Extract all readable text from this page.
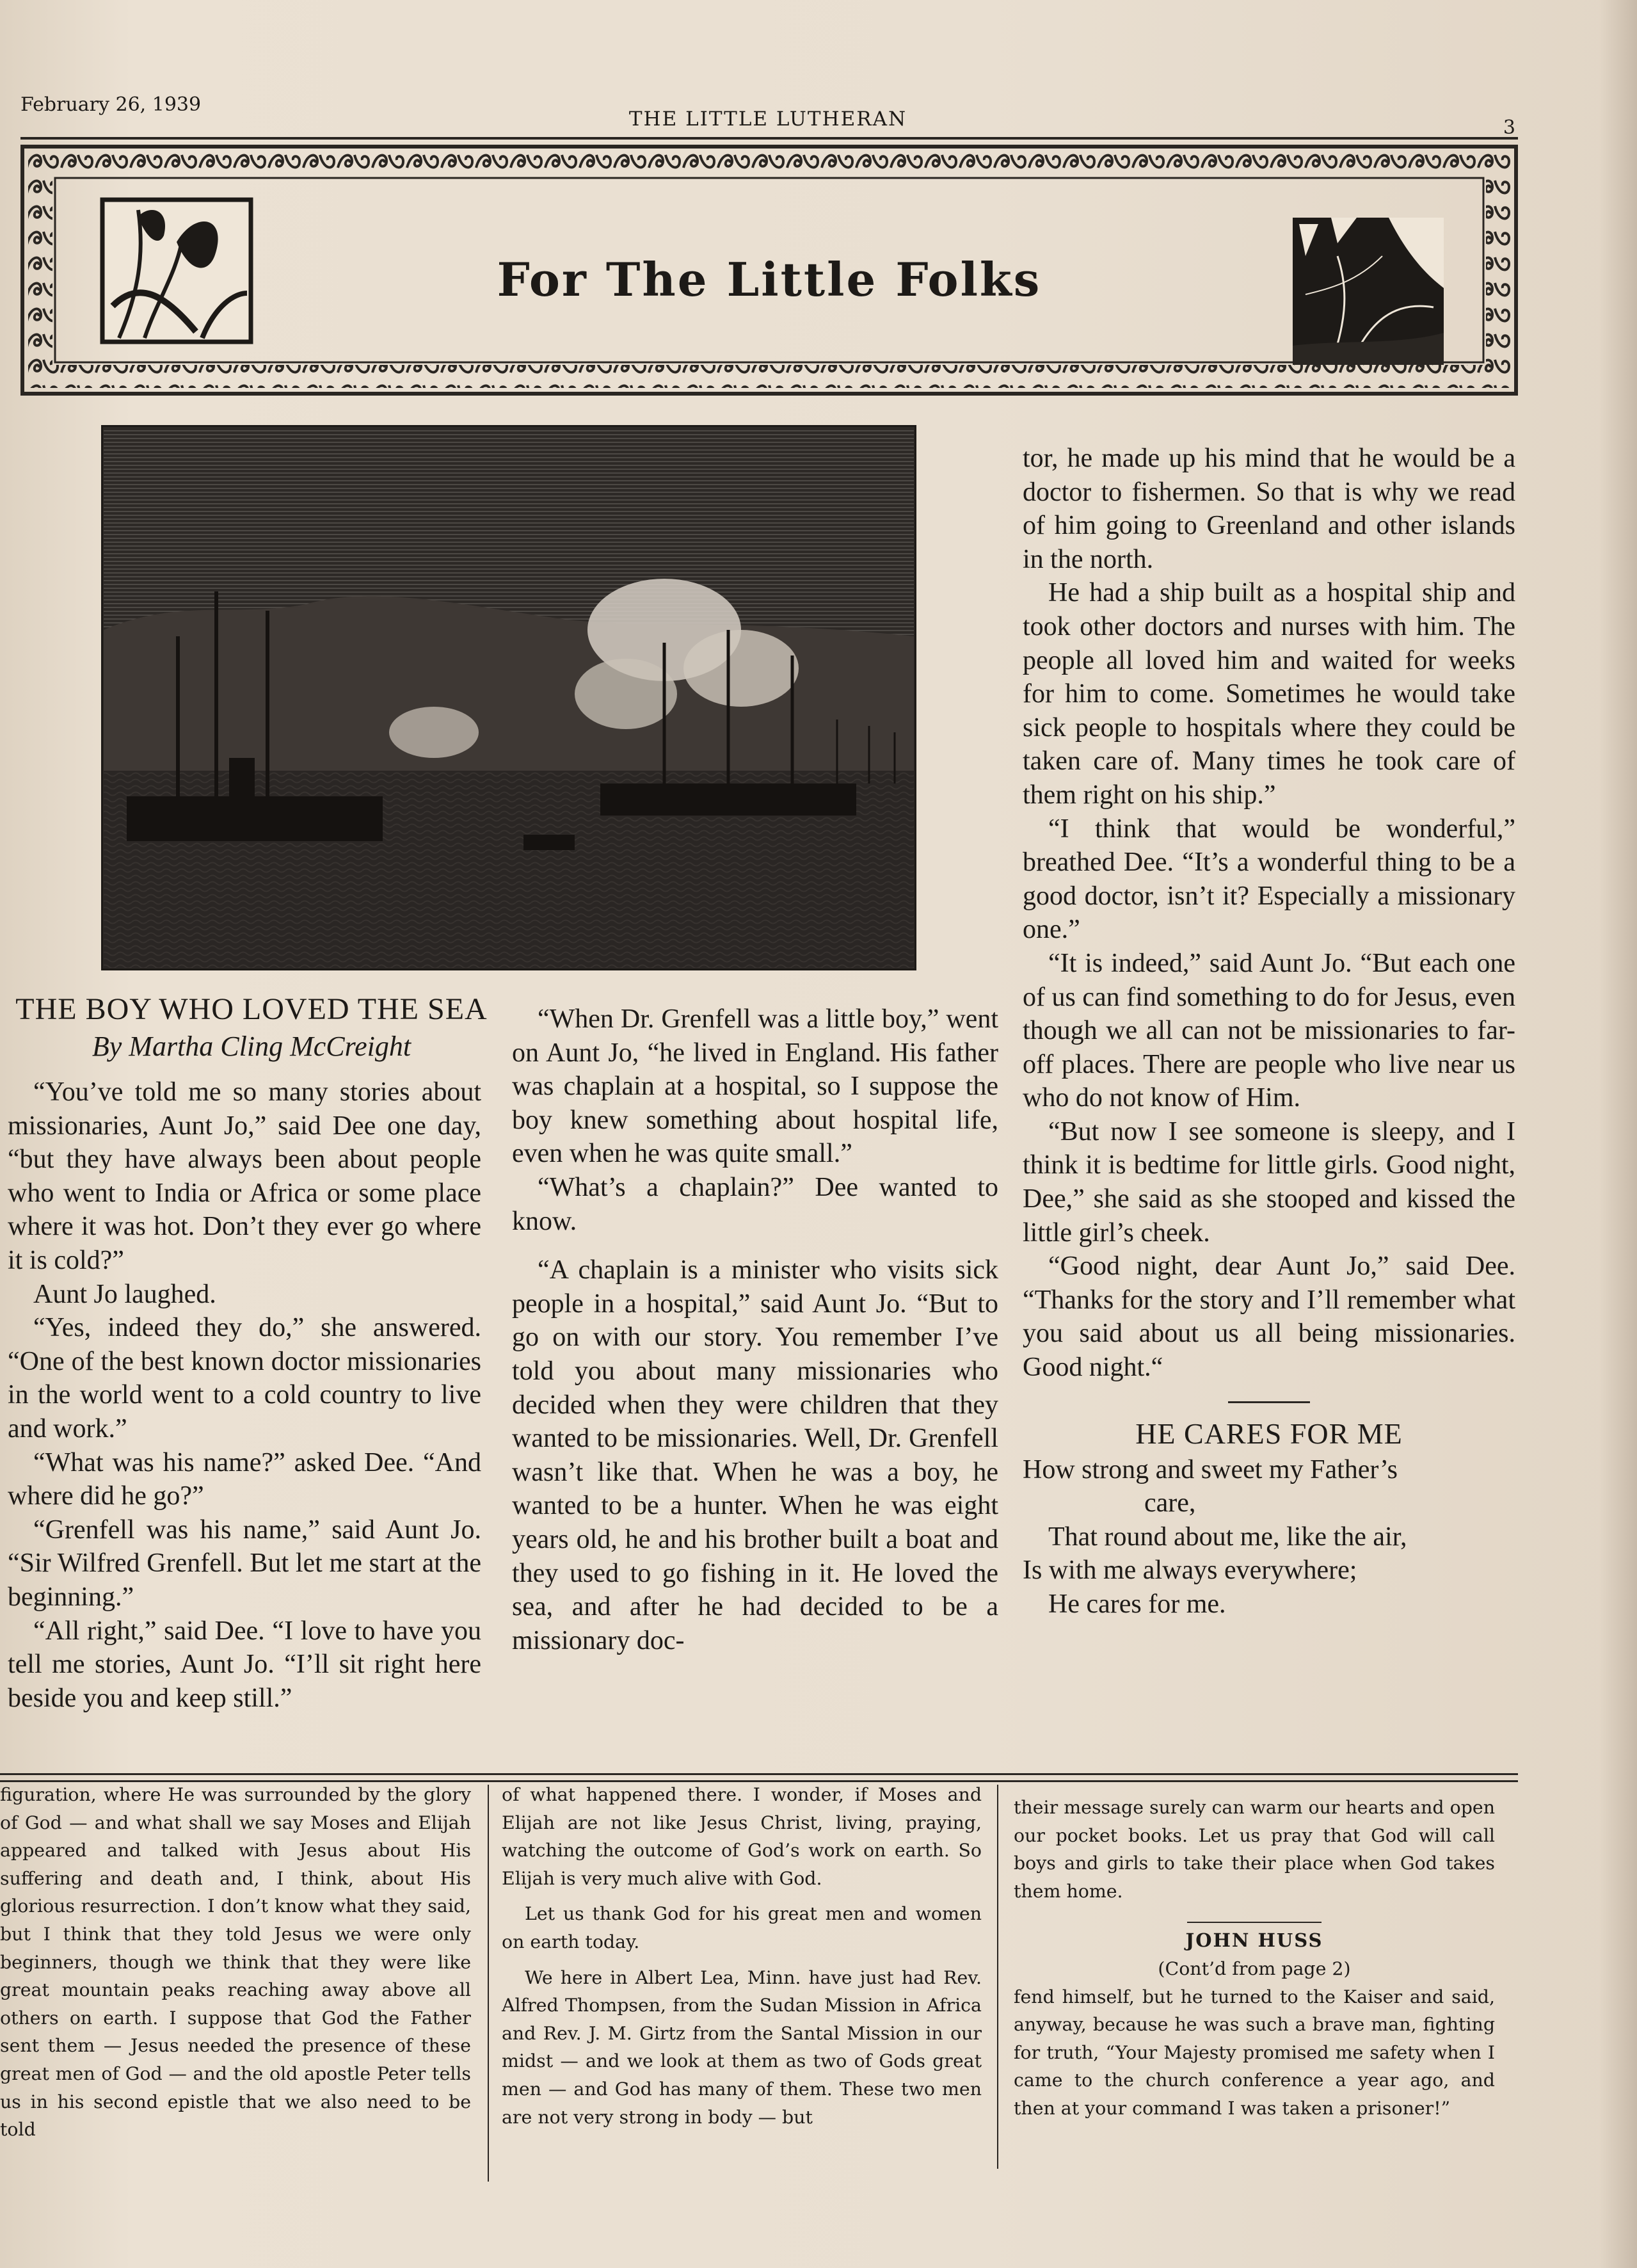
February 26, 1939
THE LITTLE LUTHERAN	3
For The Little Folks

THE BOY WHO LOVED THE SEA

By Martha Cling McCreight

“You’ve told me so many stories about missionaries, Aunt Jo,” said Dee one day, “but they have always been about people who went to India or Africa or some place where it was hot. Don’t they ever go where it is cold?”

Aunt Jo laughed.

“Yes, indeed they do,” she answered. “One of the best known doctor missionaries in the world went to a cold country to live and work.”

“What was his name?” asked Dee. “And where did he go?”

“Grenfell was his name,” said Aunt Jo. “Sir Wilfred Grenfell. But let me start at the beginning.”

“All right,” said Dee. “I love to have you tell me stories, Aunt Jo. “I’ll sit right here beside you and keep still.”

“When Dr. Grenfell was a little boy,” went on Aunt Jo, “he lived in England. His father was chaplain at a hospital, so I suppose the boy knew something about hospital life, even when he was quite small.”

“What’s a chaplain?” Dee wanted to know.

“A chaplain is a minister who visits sick people in a hospital,” said Aunt Jo. “But to go on with our story. You remember I’ve told you about many missionaries who decided when they were children that they wanted to be missionaries. Well, Dr. Grenfell wasn’t like that. When he was a boy, he wanted to be a hunter. When he was eight years old, he and his brother built a boat and they used to go fishing in it. He loved the sea, and after he had decided to be a missionary doc-

tor, he made up his mind that he would be a doctor to fishermen. So that is why we read of him going to Greenland and other islands in the north.

He had a ship built as a hospital ship and took other doctors and nurses with him. The people all loved him and waited for weeks for him to come. Sometimes he would take sick people to hospitals where they could be taken care of. Many times he took care of them right on his ship.”

“I think that would be wonderful,” breathed Dee. “It’s a wonderful thing to be a good doctor, isn’t it? Especially a missionary one.”

“It is indeed,” said Aunt Jo. “But each one of us can find something to do for Jesus, even though we all can not be missionaries to far-off places. There are people who live near us who do not know of Him.

“But now I see someone is sleepy, and I think it is bedtime for little girls. Good night, Dee,” she said as she stooped and kissed the little girl’s cheek.

“Good night, dear Aunt Jo,” said Dee. “Thanks for the story and I’ll remember what you said about us all being missionaries. Good night.“

HE CARES FOR ME

How strong and sweet my Father’s

care,

That round about me, like the air,

Is with me always everywhere;

He cares for me.

figuration, where He was surrounded by the glory of God — and what shall we say Moses and Elijah appeared and talked with Jesus about His suffering and death and, I think, about His glorious resurrection. I don’t know what they said, but I think that they told Jesus we were only beginners, though we think that they were like great mountain peaks reaching away above all others on earth. I suppose that God the Father sent them — Jesus needed the presence of these great men of God — and the old apostle Peter tells us in his second epistle that we also need to be told

of what happened there. I wonder, if Moses and Elijah are not like Jesus Christ, living, praying, watching the outcome of God’s work on earth. So Elijah is very much alive with God.

Let us thank God for his great men and women on earth today.

We here in Albert Lea, Minn. have just had Rev. Alfred Thompsen, from the Sudan Mission in Africa and Rev. J. M. Girtz from the Santal Mission in our midst — and we look at them as two of Gods great men — and God has many of them. These two men are not very strong in body — but

their message surely can warm our hearts and open our pocket books. Let us pray that God will call boys and girls to take their place when God takes them home.

JOHN HUSS

(Cont’d from page 2)

fend himself, but he turned to the Kaiser and said, anyway, because he was such a brave man, fighting for truth, “Your Majesty promised me safety when I came to the church conference a year ago, and then at your command I was taken a prisoner!”
